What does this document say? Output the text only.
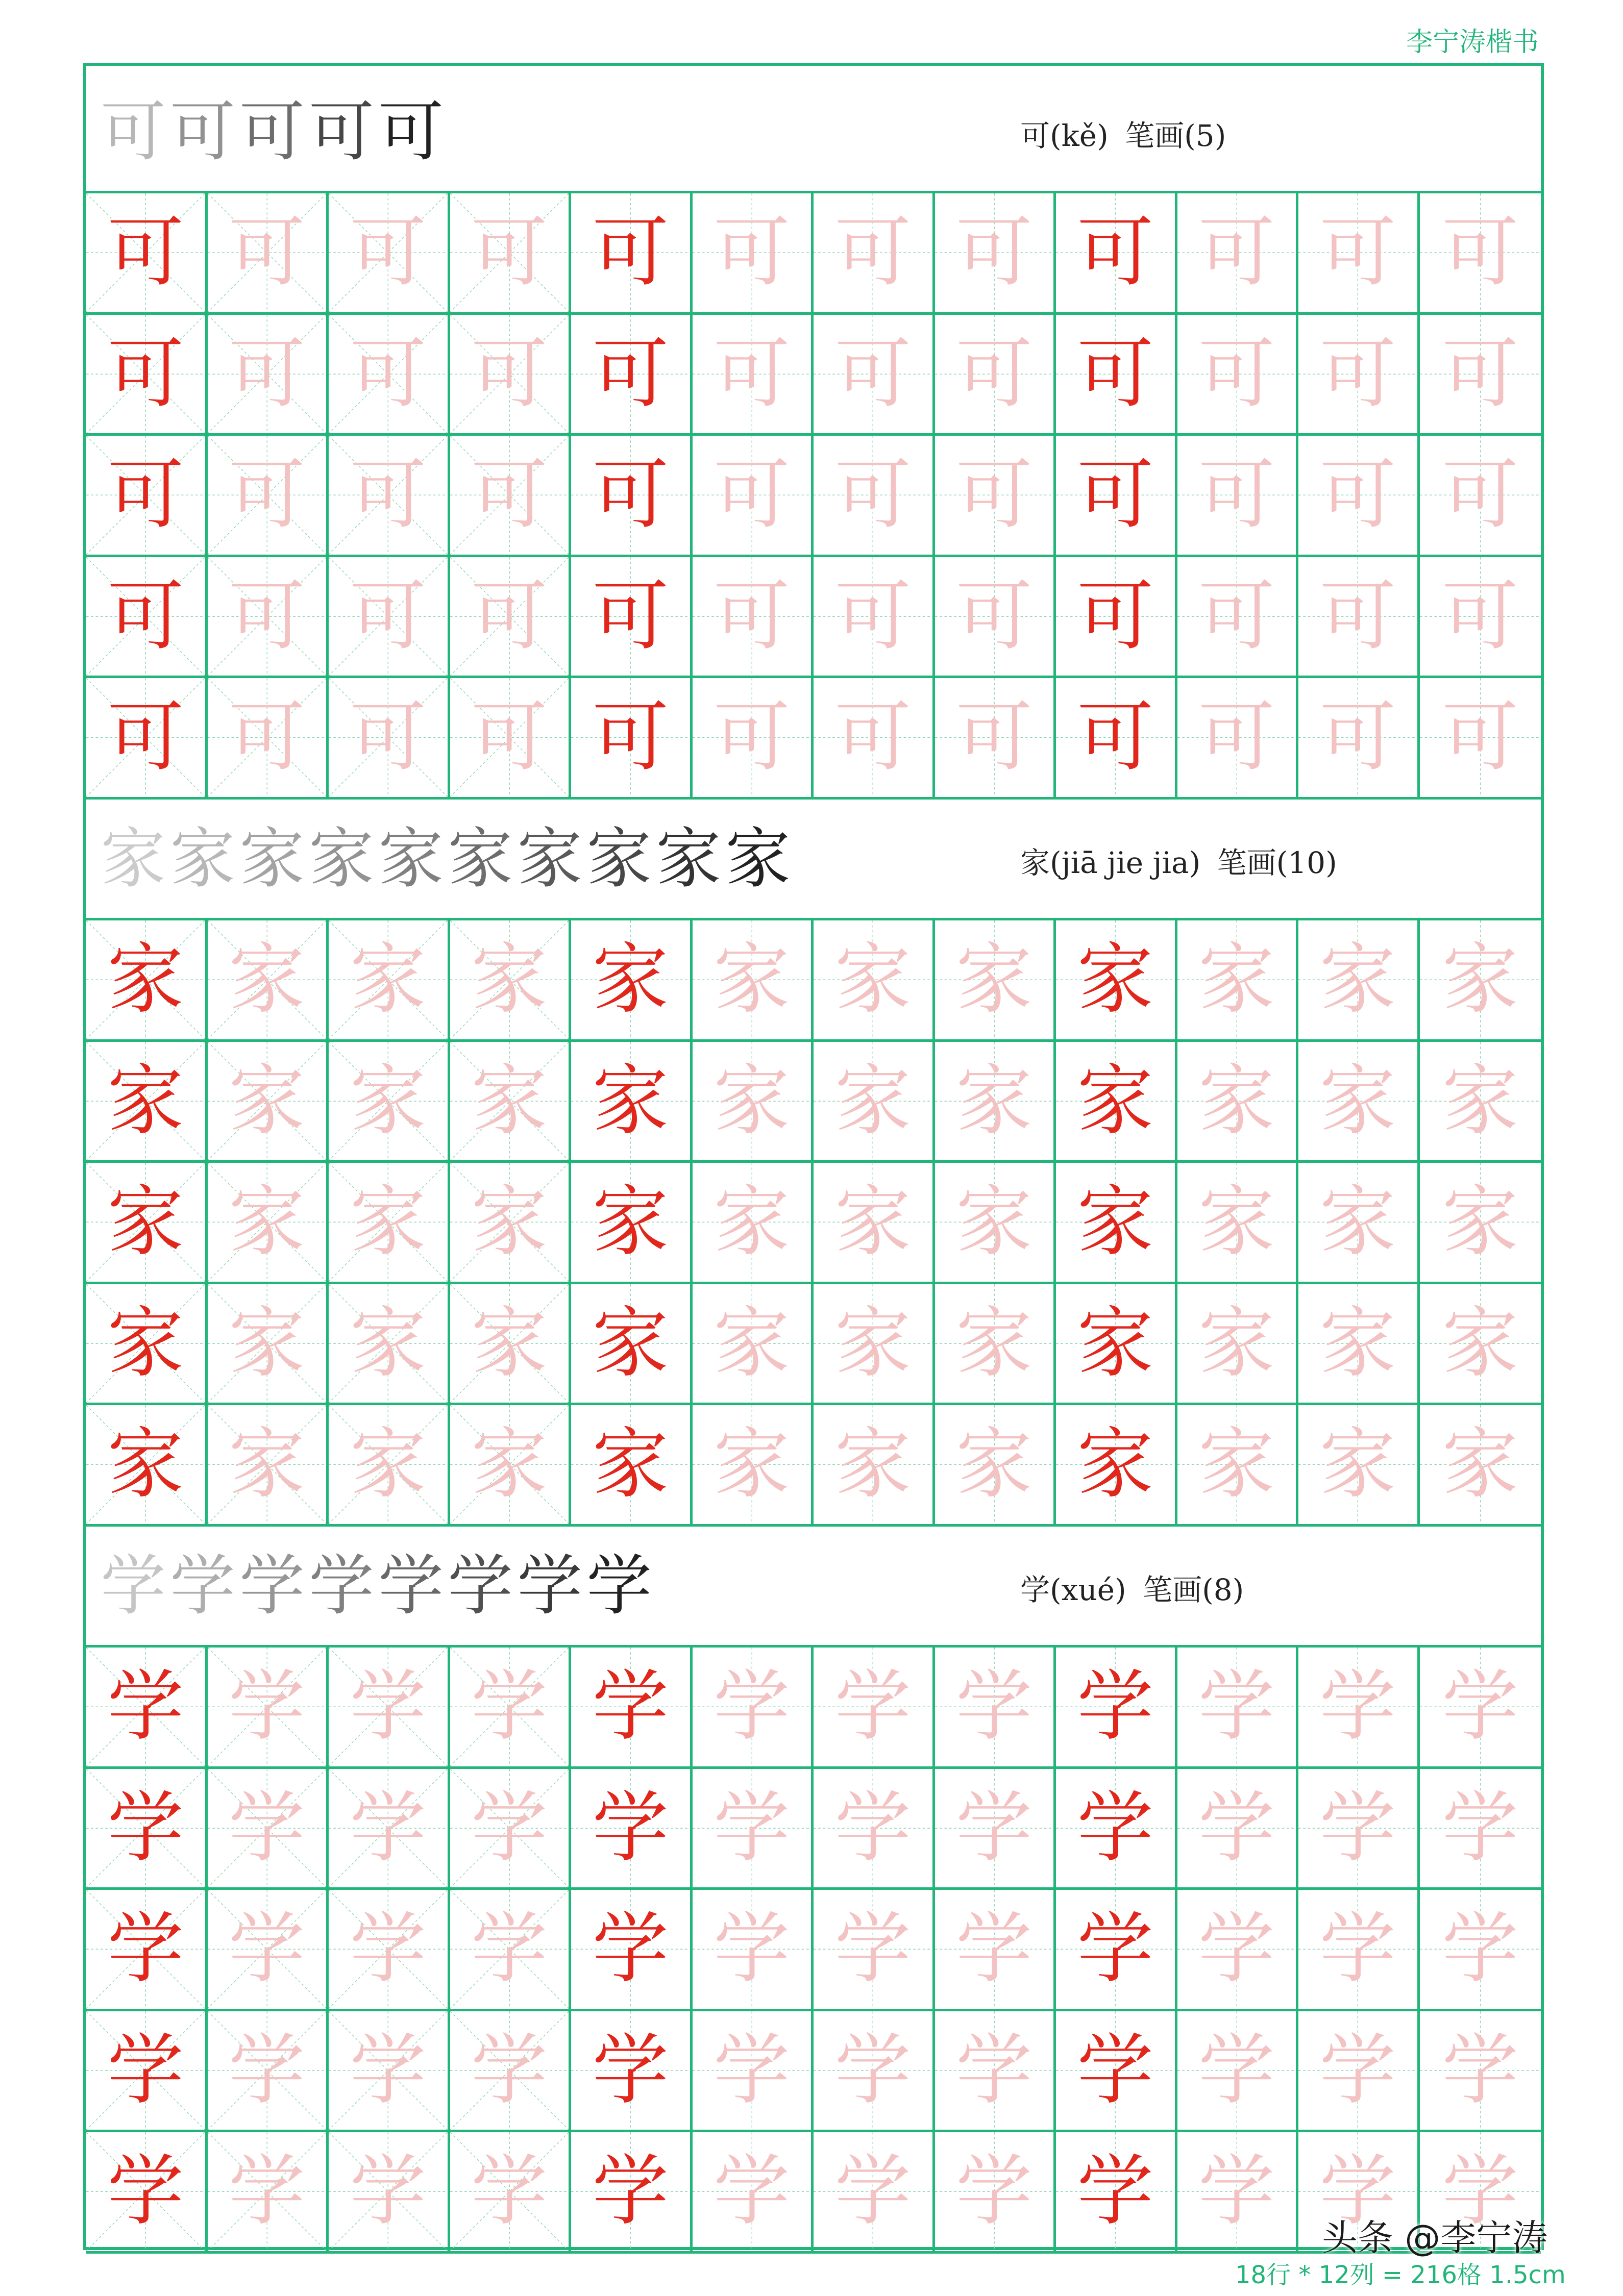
李宁涛楷书
可 可 可 可 可	可(kě) 笔画(5)
可 可 可 可 可 可 可 可 可 可 可 可
可 可 可 可 可 可 可 可 可 可 可 可
可 可 可 可 可 可 可 可 可 可 可 可
可 可 可 可 可 可 可 可 可 可 可 可
可 可 可 可 可 可 可 可 可 可 可 可
家 家 家 家 家 家 家 家 家 家	家(jiā jie jia) 笔画(10)
家 家 家 家 家 家 家 家 家 家 家 家
家 家 家 家 家 家 家 家 家 家 家 家
家 家 家 家 家 家 家 家 家 家 家 家
家 家 家 家 家 家 家 家 家 家 家 家
家 家 家 家 家 家 家 家 家 家 家 家
学 学 学 学 学 学 学 学	学(xué) 笔画(8)
学 学 学 学 学 学 学 学 学 学 学 学
学 学 学 学 学 学 学 学 学 学 学 学
学 学 学 学 学 学 学 学 学 学 学 学
学 学 学 学 学 学 学 学 学 学 学 学
学 学 学 学 学 学 学 学 学 学 学 学
头条 @李宁涛
18行 * 12列 = 216格 1.5cm
